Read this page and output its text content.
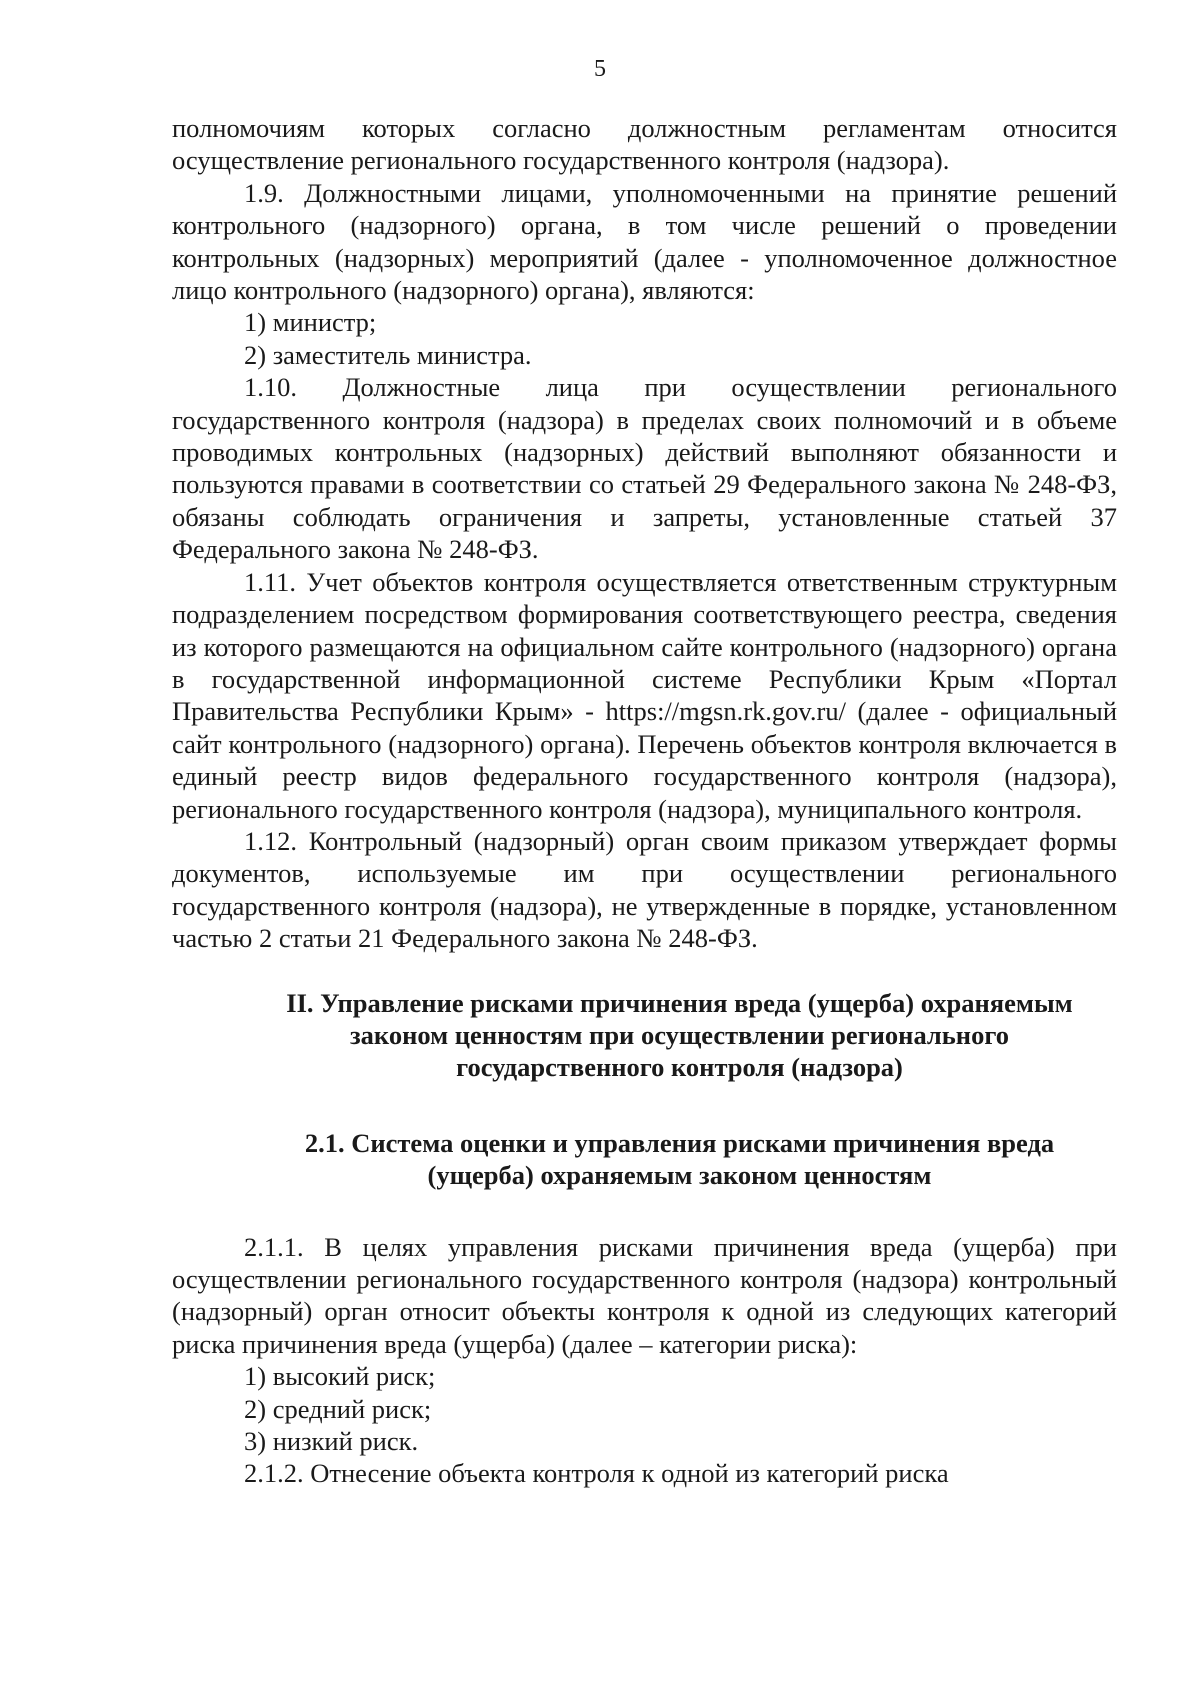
5

полномочиям которых согласно должностным регламентам относится осуществление регионального государственного контроля (надзора).

1.9. Должностными лицами, уполномоченными на принятие решений контрольного (надзорного) органа, в том числе решений о проведении контрольных (надзорных) мероприятий (далее - уполномоченное должностное лицо контрольного (надзорного) органа), являются:

1) министр;

2) заместитель министра.

1.10. Должностные лица при осуществлении регионального государственного контроля (надзора) в пределах своих полномочий и в объеме проводимых контрольных (надзорных) действий выполняют обязанности и пользуются правами в соответствии со статьей 29 Федерального закона № 248-ФЗ, обязаны соблюдать ограничения и запреты, установленные статьей 37 Федерального закона № 248-ФЗ.

1.11. Учет объектов контроля осуществляется ответственным структурным подразделением посредством формирования соответствующего реестра, сведения из которого размещаются на официальном сайте контрольного (надзорного) органа в государственной информационной системе Республики Крым «Портал Правительства Республики Крым» - https://mgsn.rk.gov.ru/ (далее - официальный сайт контрольного (надзорного) органа). Перечень объектов контроля включается в единый реестр видов федерального государственного контроля (надзора), регионального государственного контроля (надзора), муниципального контроля.

1.12. Контрольный (надзорный) орган своим приказом утверждает формы документов, используемые им при осуществлении регионального государственного контроля (надзора), не утвержденные в порядке, установленном частью 2 статьи 21 Федерального закона № 248-ФЗ.

II. Управление рисками причинения вреда (ущерба) охраняемым
законом ценностям при осуществлении регионального
государственного контроля (надзора)

2.1. Система оценки и управления рисками причинения вреда
(ущерба) охраняемым законом ценностям

2.1.1. В целях управления рисками причинения вреда (ущерба) при осуществлении регионального государственного контроля (надзора) контрольный (надзорный) орган относит объекты контроля к одной из следующих категорий риска причинения вреда (ущерба) (далее – категории риска):

1) высокий риск;

2) средний риск;

3) низкий риск.

2.1.2. Отнесение объекта контроля к одной из категорий риска
